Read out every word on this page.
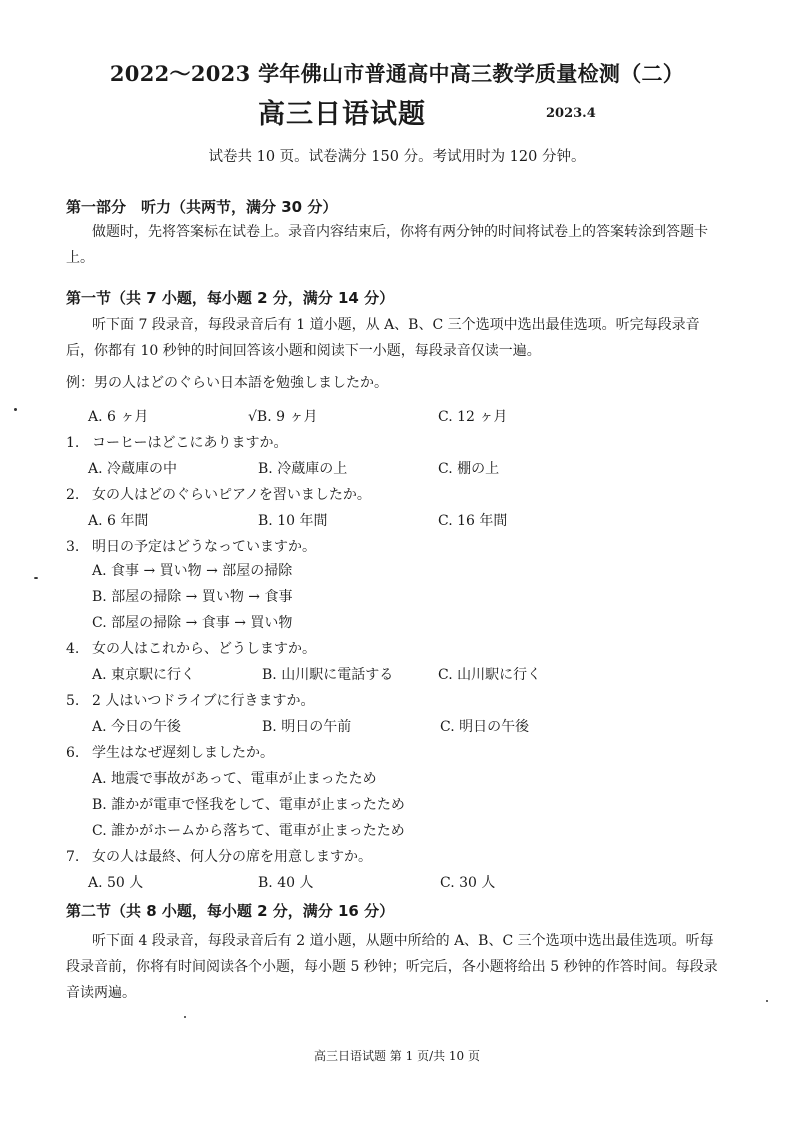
2022～2023 学年佛山市普通高中高三教学质量检测（二）
高三日语试题	2023.4
试卷共 10 页。试卷满分 150 分。考试用时为 120 分钟。
第一部分　听力（共两节，满分 30 分）
做题时，先将答案标在试卷上。录音内容结束后，你将有两分钟的时间将试卷上的答案转涂到答题卡上。
第一节（共 7 小题，每小题 2 分，满分 14 分）
听下面 7 段录音，每段录音后有 1 道小题，从 A、B、C 三个选项中选出最佳选项。听完每段录音后，你都有 10 秒钟的时间回答该小题和阅读下一小题，每段录音仅读一遍。
例：男の人はどのぐらい日本語を勉強しましたか。
A. 6 ヶ月	√B. 9 ヶ月	C. 12 ヶ月
1. コーヒーはどこにありますか。
A. 冷蔵庫の中	B. 冷蔵庫の上	C. 棚の上
2. 女の人はどのぐらいピアノを習いましたか。
A. 6 年間	B. 10 年間	C. 16 年間
3. 明日の予定はどうなっていますか。
A. 食事 → 買い物 → 部屋の掃除
B. 部屋の掃除 → 買い物 → 食事
C. 部屋の掃除 → 食事 → 買い物
4. 女の人はこれから、どうしますか。
A. 東京駅に行く	B. 山川駅に電話する	C. 山川駅に行く
5. 2 人はいつドライブに行きますか。
A. 今日の午後	B. 明日の午前	C. 明日の午後
6. 学生はなぜ遅刻しましたか。
A. 地震で事故があって、電車が止まったため
B. 誰かが電車で怪我をして、電車が止まったため
C. 誰かがホームから落ちて、電車が止まったため
7. 女の人は最終、何人分の席を用意しますか。
A. 50 人	B. 40 人	C. 30 人
第二节（共 8 小题，每小题 2 分，满分 16 分）
听下面 4 段录音，每段录音后有 2 道小题，从题中所给的 A、B、C 三个选项中选出最佳选项。听每段录音前，你将有时间阅读各个小题，每小题 5 秒钟；听完后，各小题将给出 5 秒钟的作答时间。每段录音读两遍。
高三日语试题 第 1 页/共 10 页
